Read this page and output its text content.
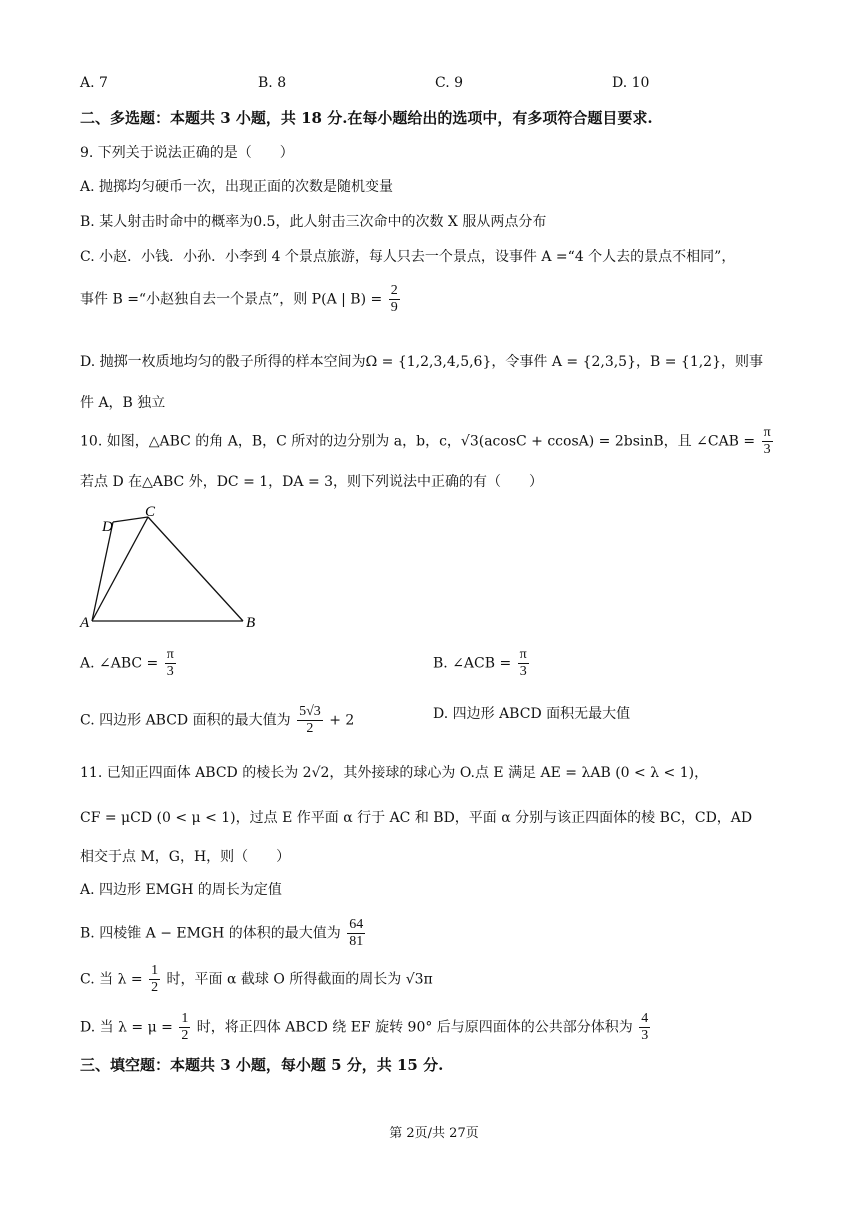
A. 7	B. 8	C. 9	D. 10
二、多选题：本题共 3 小题，共 18 分.在每小题给出的选项中，有多项符合题目要求.
9. 下列关于说法正确的是（　　）
A. 抛掷均匀硬币一次，出现正面的次数是随机变量
B. 某人射击时命中的概率为0.5，此人射击三次命中的次数 X 服从两点分布
C. 小赵．小钱．小孙．小李到 4 个景点旅游，每人只去一个景点，设事件 A =“4 个人去的景点不相同”，
事件 B =“小赵独自去一个景点”，则 P(A | $B) = \frac{2}{9}$
D. 抛掷一枚质地均匀的骰子所得的样本空间为Ω = {1,2,3,4,5,6}，令事件 A = {2,3,5}，B = {1,2}，则事
件 A，B 独立
10. 如图，△ABC 的角 A，B，C 所对的边分别为 a，b，c，√3(acosC + ccosA) = 2bsinB，且 ∠CAB = $\frac{\pi}{3}$
若点 D 在△ABC 外，DC = 1，DA = 3，则下列说法中正确的有（　　）
D
C
A	B
A. ∠ABC = $\frac{\pi}{3}$	B. ∠ACB = $\frac{\pi}{3}$
C. 四边形 ABCD 面积的最大值为 $\frac{5√3}{2} + 2$	D. 四边形 ABCD 面积无最大值
11. 已知正四面体 ABCD 的棱长为 2√2，其外接球的球心为 O.点 E 满足 AE = λAB (0 < λ < 1)，
CF = μCD (0 < μ < 1)，过点 E 作平面 α 行于 AC 和 BD，平面 α 分别与该正四面体的棱 BC，CD，AD
相交于点 M，G，H，则（　　）
A. 四边形 EMGH 的周长为定值
B. 四棱锥 A − EMGH 的体积的最大值为 $\frac{64}{81}$
C. 当 $\lambda = \frac{1}{2}$ 时，平面 α 截球 O 所得截面的周长为 √3π
D. 当 $\lambda = \mu = \frac{1}{2}$ 时，将正四体 ABCD 绕 EF 旋转 90° 后与原四面体的公共部分体积为 $\frac{4}{3}$
三、填空题：本题共 3 小题，每小题 5 分，共 15 分.
第 2页/共 27页
